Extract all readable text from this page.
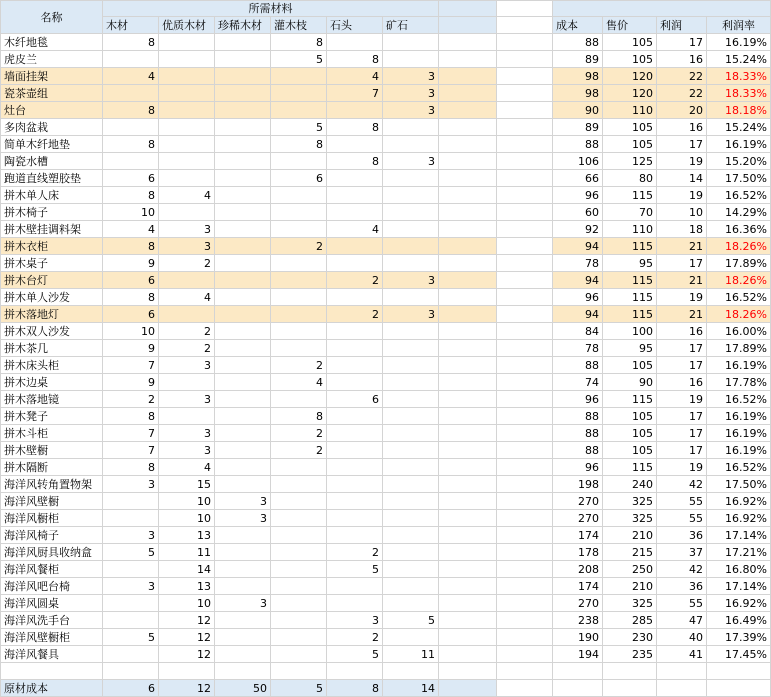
名称	所需材料											
	木材	优质木材	珍稀木材	灌木枝	石头	矿石			成本	售价	利润	利润率
木纤地毯	8			8					88	105	17	16.19%
虎皮兰				5	8				89	105	16	15.24%
墙面挂架	4				4	3			98	120	22	18.33%
瓷茶壶组					7	3			98	120	22	18.33%
灶台	8					3			90	110	20	18.18%
多肉盆栽				5	8				89	105	16	15.24%
简单木纤地垫	8			8					88	105	17	16.19%
陶瓷水槽					8	3			106	125	19	15.20%
跑道直线塑胶垫	6			6					66	80	14	17.50%
拼木单人床	8	4							96	115	19	16.52%
拼木椅子	10								60	70	10	14.29%
拼木壁挂调料架	4	3			4				92	110	18	16.36%
拼木衣柜	8	3		2					94	115	21	18.26%
拼木桌子	9	2							78	95	17	17.89%
拼木台灯	6				2	3			94	115	21	18.26%
拼木单人沙发	8	4							96	115	19	16.52%
拼木落地灯	6				2	3			94	115	21	18.26%
拼木双人沙发	10	2							84	100	16	16.00%
拼木茶几	9	2							78	95	17	17.89%
拼木床头柜	7	3		2					88	105	17	16.19%
拼木边桌	9			4					74	90	16	17.78%
拼木落地镜	2	3			6				96	115	19	16.52%
拼木凳子	8			8					88	105	17	16.19%
拼木斗柜	7	3		2					88	105	17	16.19%
拼木壁橱	7	3		2					88	105	17	16.19%
拼木隔断	8	4							96	115	19	16.52%
海洋风转角置物架	3	15							198	240	42	17.50%
海洋风壁橱		10	3						270	325	55	16.92%
海洋风橱柜		10	3						270	325	55	16.92%
海洋风椅子	3	13							174	210	36	17.14%
海洋风厨具收纳盒	5	11			2				178	215	37	17.21%
海洋风餐柜		14			5				208	250	42	16.80%
海洋风吧台椅	3	13							174	210	36	17.14%
海洋风圆桌		10	3						270	325	55	16.92%
海洋风洗手台		12			3	5			238	285	47	16.49%
海洋风壁橱柜	5	12			2				190	230	40	17.39%
海洋风餐具		12			5	11			194	235	41	17.45%

原材成本	6	12	50	5	8	14						
